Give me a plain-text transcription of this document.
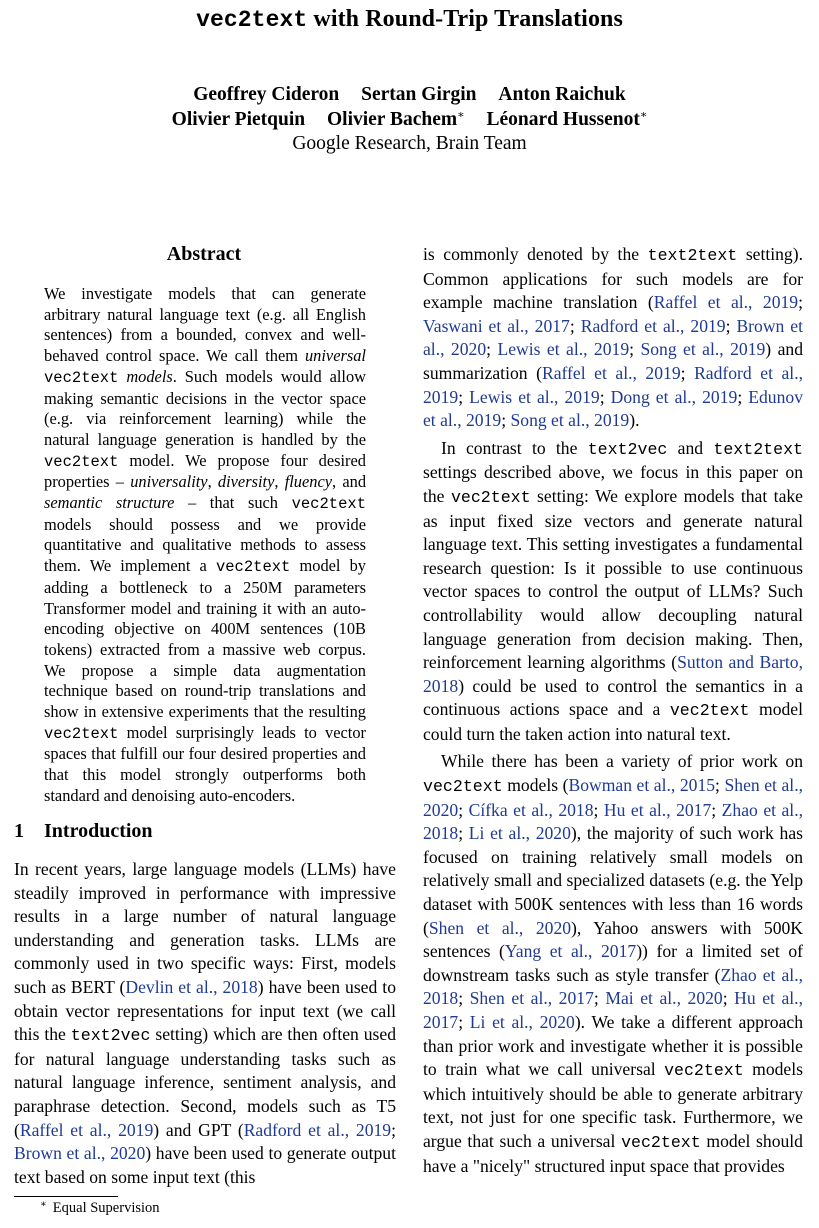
vec2text with Round-Trip Translations
Geoffrey Cideron Sertan Girgin Anton Raichuk
Olivier Pietquin Olivier Bachem∗ Léonard Hussenot∗
Google Research, Brain Team
Abstract
We investigate models that can generate arbitrary natural language text (e.g. all English sentences) from a bounded, convex and well-behaved control space. We call them universal vec2text models. Such models would allow making semantic decisions in the vector space (e.g. via reinforcement learning) while the natural language generation is handled by the vec2text model. We propose four desired properties – universality, diversity, fluency, and semantic structure – that such vec2text models should possess and we provide quantitative and qualitative methods to assess them. We implement a vec2text model by adding a bottleneck to a 250M parameters Transformer model and training it with an auto-encoding objective on 400M sentences (10B tokens) extracted from a massive web corpus. We propose a simple data augmentation technique based on round-trip translations and show in extensive experiments that the resulting vec2text model surprisingly leads to vector spaces that fulfill our four desired properties and that this model strongly outperforms both standard and denoising auto-encoders.
1 Introduction

In recent years, large language models (LLMs) have steadily improved in performance with impressive results in a large number of natural language understanding and generation tasks. LLMs are commonly used in two specific ways: First, models such as BERT (Devlin et al., 2018) have been used to obtain vector representations for input text (we call this the text2vec setting) which are then often used for natural language understanding tasks such as natural language inference, sentiment analysis, and paraphrase detection. Second, models such as T5 (Raffel et al., 2019) and GPT (Radford et al., 2019; Brown et al., 2020) have been used to generate output text based on some input text (this

is commonly denoted by the text2text setting). Common applications for such models are for example machine translation (Raffel et al., 2019; Vaswani et al., 2017; Radford et al., 2019; Brown et al., 2020; Lewis et al., 2019; Song et al., 2019) and summarization (Raffel et al., 2019; Radford et al., 2019; Lewis et al., 2019; Dong et al., 2019; Edunov et al., 2019; Song et al., 2019).

In contrast to the text2vec and text2text settings described above, we focus in this paper on the vec2text setting: We explore models that take as input fixed size vectors and generate natural language text. This setting investigates a fundamental research question: Is it possible to use continuous vector spaces to control the output of LLMs? Such controllability would allow decoupling natural language generation from decision making. Then, reinforcement learning algorithms (Sutton and Barto, 2018) could be used to control the semantics in a continuous actions space and a vec2text model could turn the taken action into natural text.

While there has been a variety of prior work on vec2text models (Bowman et al., 2015; Shen et al., 2020; Cífka et al., 2018; Hu et al., 2017; Zhao et al., 2018; Li et al., 2020), the majority of such work has focused on training relatively small models on relatively small and specialized datasets (e.g. the Yelp dataset with 500K sentences with less than 16 words (Shen et al., 2020), Yahoo answers with 500K sentences (Yang et al., 2017)) for a limited set of downstream tasks such as style transfer (Zhao et al., 2018; Shen et al., 2017; Mai et al., 2020; Hu et al., 2017; Li et al., 2020). We take a different approach than prior work and investigate whether it is possible to train what we call universal vec2text models which intuitively should be able to generate arbitrary text, not just for one specific task. Furthermore, we argue that such a universal vec2text model should have a "nicely" structured input space that provides

∗ Equal Supervision
